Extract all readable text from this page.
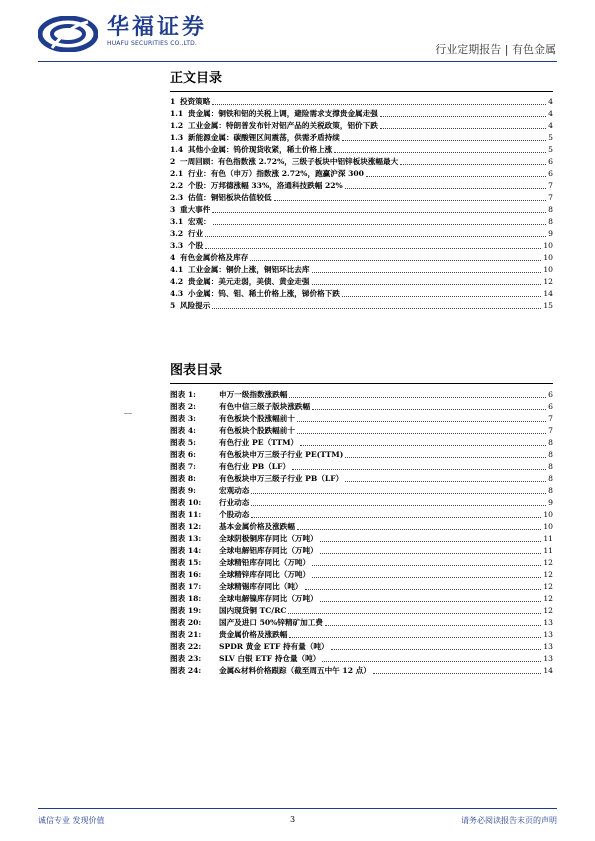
华福证券
HUAFU SECURITIES CO.,LTD.	行业定期报告 | 有色金属
正文目录
1 投资策略	4
1.1 贵金属：铜铁和铝的关税上调，避险需求支撑贵金属走强	4
1.2 工业金属：特朗普发布针对铝产品的关税政策，铝价下跌	4
1.3 新能源金属：碳酸锂区间震荡，供需矛盾持续	5
1.4 其他小金属：钨价现货收紧，稀土价格上涨	5
2 一周回顾：有色指数涨 2.72%，三级子板块中铝锌板块涨幅最大	6
2.1 行业：有色（申万）指数涨 2.72%，跑赢沪深 300	6
2.2 个股：万邦德涨幅 33%，洛通科技跌幅 22%	7
2.3 估值：铜铝板块估值较低	7
3 重大事件	8
3.1 宏观：	8
3.2 行业	9
3.3 个股	10
4 有色金属价格及库存	10
4.1 工业金属：铜价上涨，铜铝环比去库	10
4.2 贵金属：美元走弱，美债、黄金走强	12
4.3 小金属：钨、钼、稀土价格上涨，锑价格下跌	14
5 风险提示	15
图表目录
图表 1:	申万一级指数涨跌幅	6
图表 2:	有色中信三级子版块涨跌幅	6
图表 3:	有色板块个股涨幅前十	7
图表 4:	有色板块个股跌幅前十	7
图表 5:	有色行业 PE（TTM）	8
图表 6:	有色板块申万三级子行业 PE(TTM)	8
图表 7:	有色行业 PB（LF）	8
图表 8:	有色板块申万三级子行业 PB（LF）	8
图表 9:	宏观动态	8
图表 10:	行业动态	9
图表 11:	个股动态	10
图表 12:	基本金属价格及涨跌幅	10
图表 13:	全球阴极铜库存同比（万吨）	11
图表 14:	全球电解铝库存同比（万吨）	11
图表 15:	全球精铅库存同比（万吨）	12
图表 16:	全球精锌库存同比（万吨）	12
图表 17:	全球精锡库存同比（吨）	12
图表 18:	全球电解镍库存同比（万吨）	12
图表 19:	国内现货铜 TC/RC	12
图表 20:	国产及进口 50%锌精矿加工费	13
图表 21:	贵金属价格及涨跌幅	13
图表 22:	SPDR 黄金 ETF 持有量（吨）	13
图表 23:	SLV 白银 ETF 持仓量（吨）	13
图表 24:	金属&材料价格跟踪（截至周五中午 12 点）	14
诚信专业 发现价值	3	请务必阅读报告末页的声明
